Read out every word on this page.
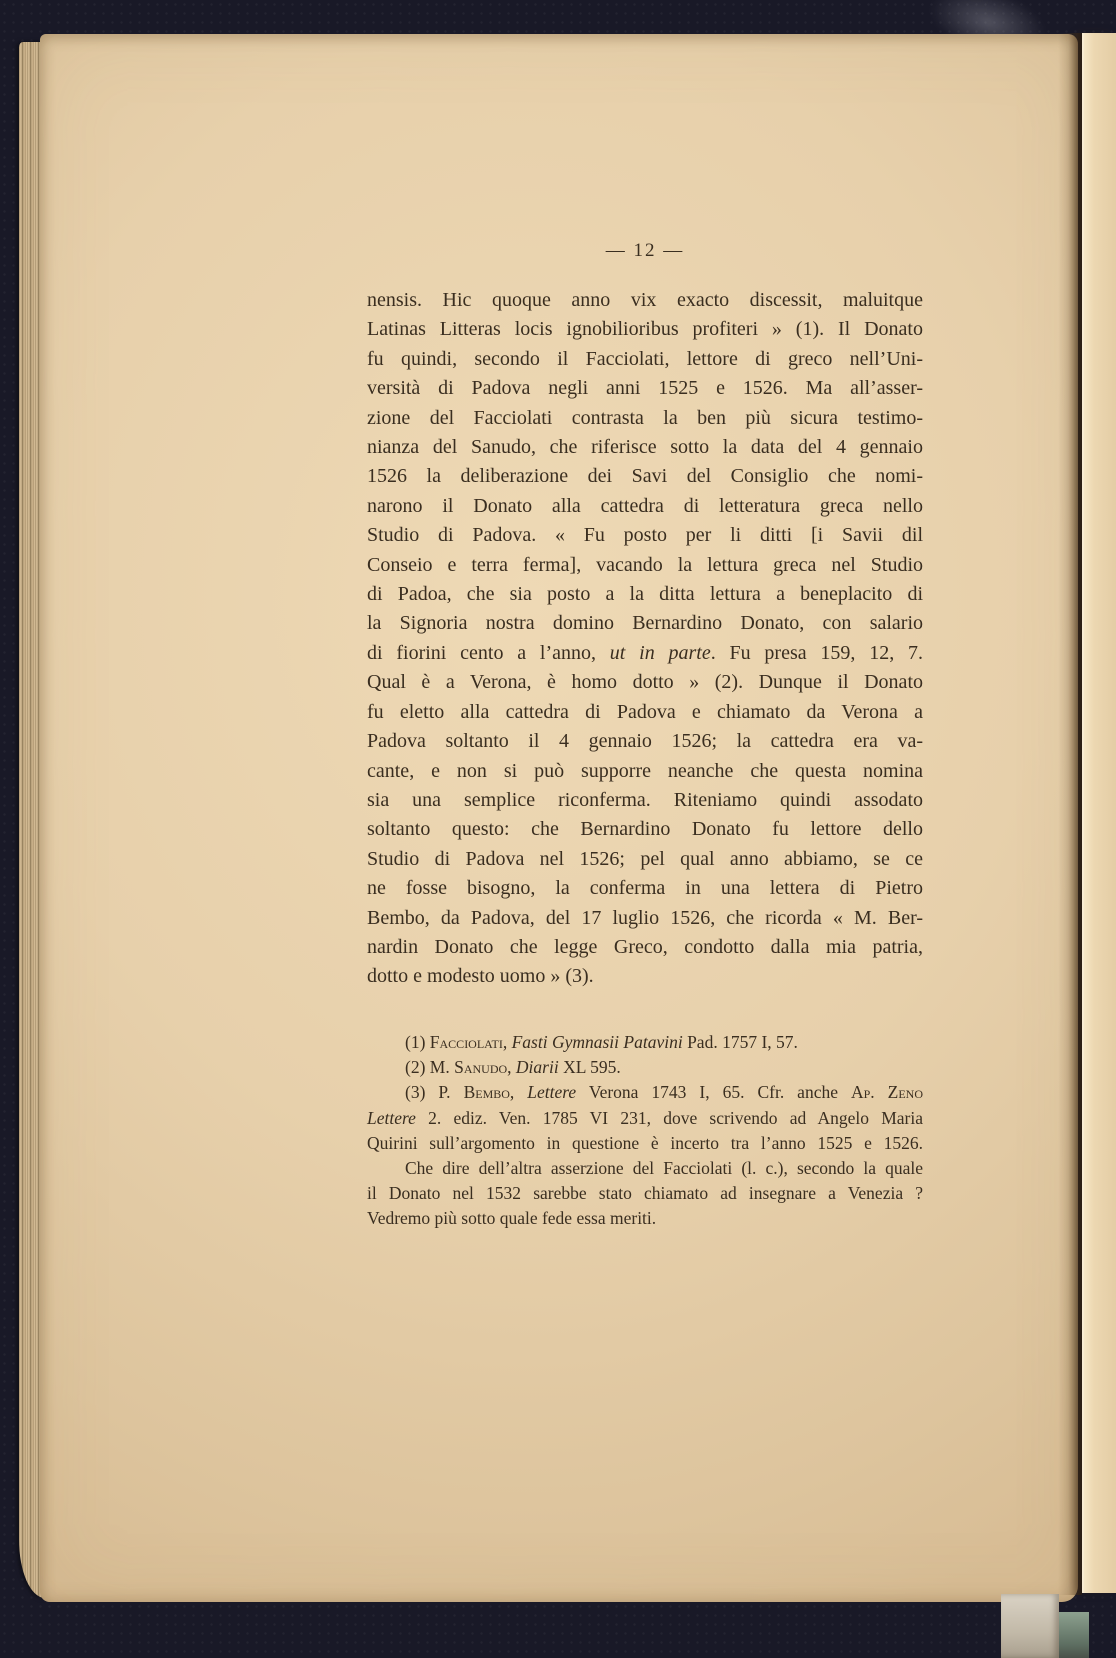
— 12 —
nensis. Hic quoque anno vix exacto discessit, maluitque
Latinas Litteras locis ignobilioribus profiteri » (1). Il Donato
fu quindi, secondo il Facciolati, lettore di greco nell’Uni-
versità di Padova negli anni 1525 e 1526. Ma all’asser-
zione del Facciolati contrasta la ben più sicura testimo-
nianza del Sanudo, che riferisce sotto la data del 4 gennaio
1526 la deliberazione dei Savi del Consiglio che nomi-
narono il Donato alla cattedra di letteratura greca nello
Studio di Padova. « Fu posto per li ditti [i Savii dil
Conseio e terra ferma], vacando la lettura greca nel Studio
di Padoa, che sia posto a la ditta lettura a beneplacito di
la Signoria nostra domino Bernardino Donato, con salario
di fiorini cento a l’anno, ut in parte. Fu presa 159, 12, 7.
Qual è a Verona, è homo dotto » (2). Dunque il Donato
fu eletto alla cattedra di Padova e chiamato da Verona a
Padova soltanto il 4 gennaio 1526; la cattedra era va-
cante, e non si può supporre neanche che questa nomina
sia una semplice riconferma. Riteniamo quindi assodato
soltanto questo: che Bernardino Donato fu lettore dello
Studio di Padova nel 1526; pel qual anno abbiamo, se ce
ne fosse bisogno, la conferma in una lettera di Pietro
Bembo, da Padova, del 17 luglio 1526, che ricorda « M. Ber-
nardin Donato che legge Greco, condotto dalla mia patria,
dotto e modesto uomo » (3).
(1) Facciolati, Fasti Gymnasii Patavini Pad. 1757 I, 57.
(2) M. Sanudo, Diarii XL 595.
(3) P. Bembo, Lettere Verona 1743 I, 65. Cfr. anche Ap. Zeno
Lettere 2. ediz. Ven. 1785 VI 231, dove scrivendo ad Angelo Maria
Quirini sull’argomento in questione è incerto tra l’anno 1525 e 1526.
Che dire dell’altra asserzione del Facciolati (l. c.), secondo la quale
il Donato nel 1532 sarebbe stato chiamato ad insegnare a Venezia ?
Vedremo più sotto quale fede essa meriti.
